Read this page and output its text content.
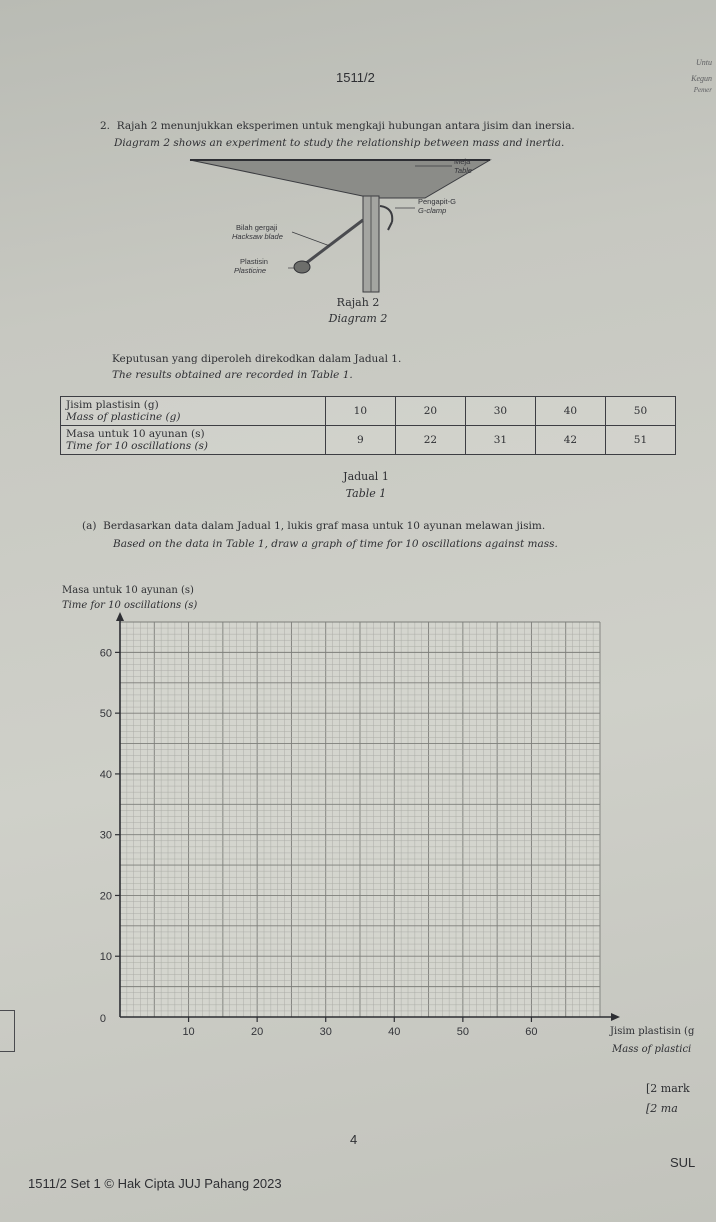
1511/2
Untu
Kegun
Pemer
2. Rajah 2 menunjukkan eksperimen untuk mengkaji hubungan antara jisim dan inersia.
Diagram 2 shows an experiment to study the relationship between mass and inertia.
Meja
Table
Pengapit-G
G-clamp
Bilah gergaji
Hacksaw blade
Plastisin
Plasticine
Rajah 2
Diagram 2
Keputusan yang diperoleh direkodkan dalam Jadual 1.
The results obtained are recorded in Table 1.
Jisim plastisin (g)
Mass of plasticine (g)	10	20	30	40	50

Masa untuk 10 ayunan (s)
Time for 10 oscillations (s)	9	22	31	42	51
Jadual 1
Table 1
(a) Berdasarkan data dalam Jadual 1, lukis graf masa untuk 10 ayunan melawan jisim.
Based on the data in Table 1, draw a graph of time for 10 oscillations against mass.
Masa untuk 10 ayunan (s)
Time for 10 oscillations (s)
10
20
30
40
50
60
10	20	30	40	50	60
0
Jisim plastisin (g
Mass of plastici
[2 mark
[2 ma
4
1511/2 Set 1 © Hak Cipta JUJ Pahang 2023
SUL
